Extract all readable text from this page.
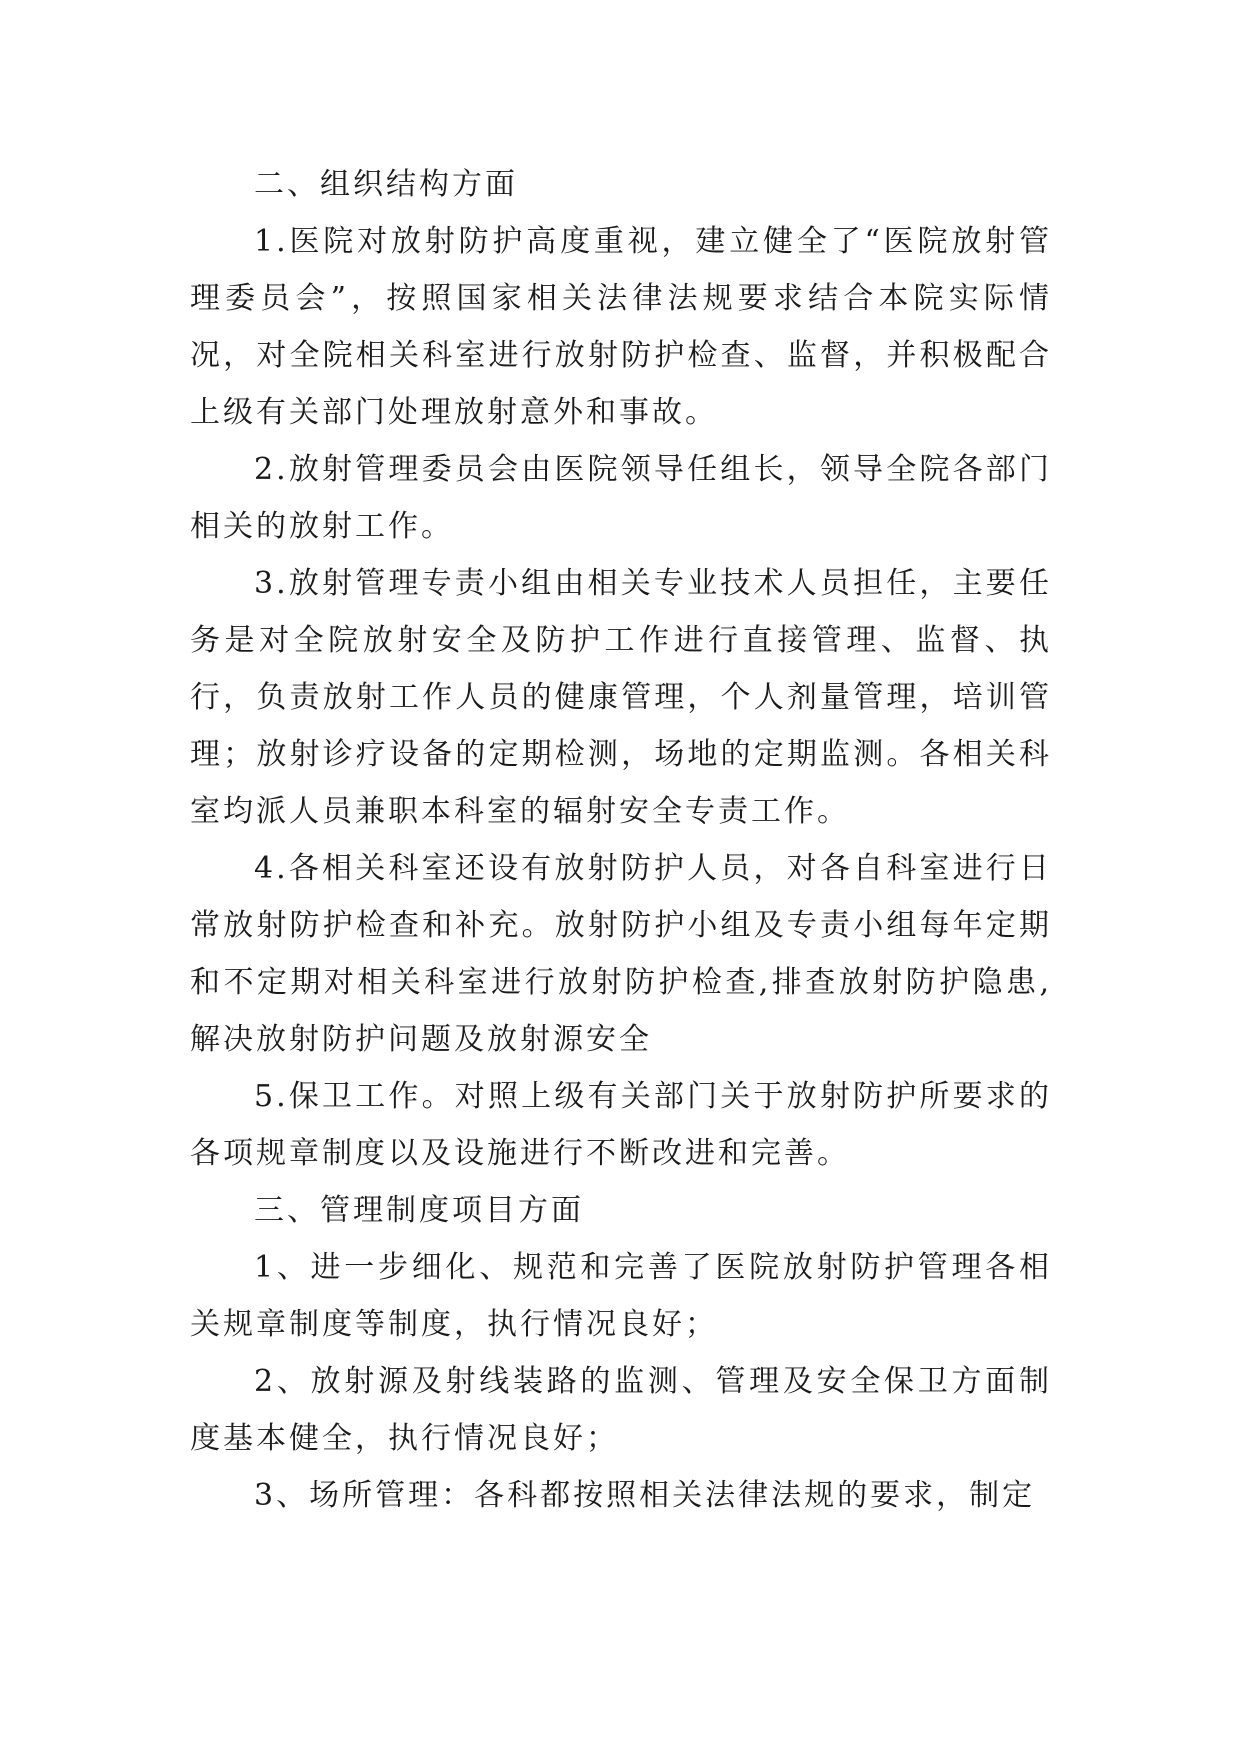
二、组织结构方面

1.医院对放射防护高度重视，建立健全了“医院放射管理委员会”，按照国家相关法律法规要求结合本院实际情况，对全院相关科室进行放射防护检查、监督，并积极配合上级有关部门处理放射意外和事故。

2.放射管理委员会由医院领导任组长，领导全院各部门相关的放射工作。

3.放射管理专责小组由相关专业技术人员担任，主要任务是对全院放射安全及防护工作进行直接管理、监督、执行，负责放射工作人员的健康管理，个人剂量管理，培训管理；放射诊疗设备的定期检测，场地的定期监测。各相关科室均派人员兼职本科室的辐射安全专责工作。

4.各相关科室还设有放射防护人员，对各自科室进行日常放射防护检查和补充。放射防护小组及专责小组每年定期和不定期对相关科室进行放射防护检查,排查放射防护隐患,解决放射防护问题及放射源安全

5.保卫工作。对照上级有关部门关于放射防护所要求的各项规章制度以及设施进行不断改进和完善。

三、管理制度项目方面

1、进一步细化、规范和完善了医院放射防护管理各相关规章制度等制度，执行情况良好；

2、放射源及射线装路的监测、管理及安全保卫方面制度基本健全，执行情况良好；

3、场所管理：各科都按照相关法律法规的要求，制定
